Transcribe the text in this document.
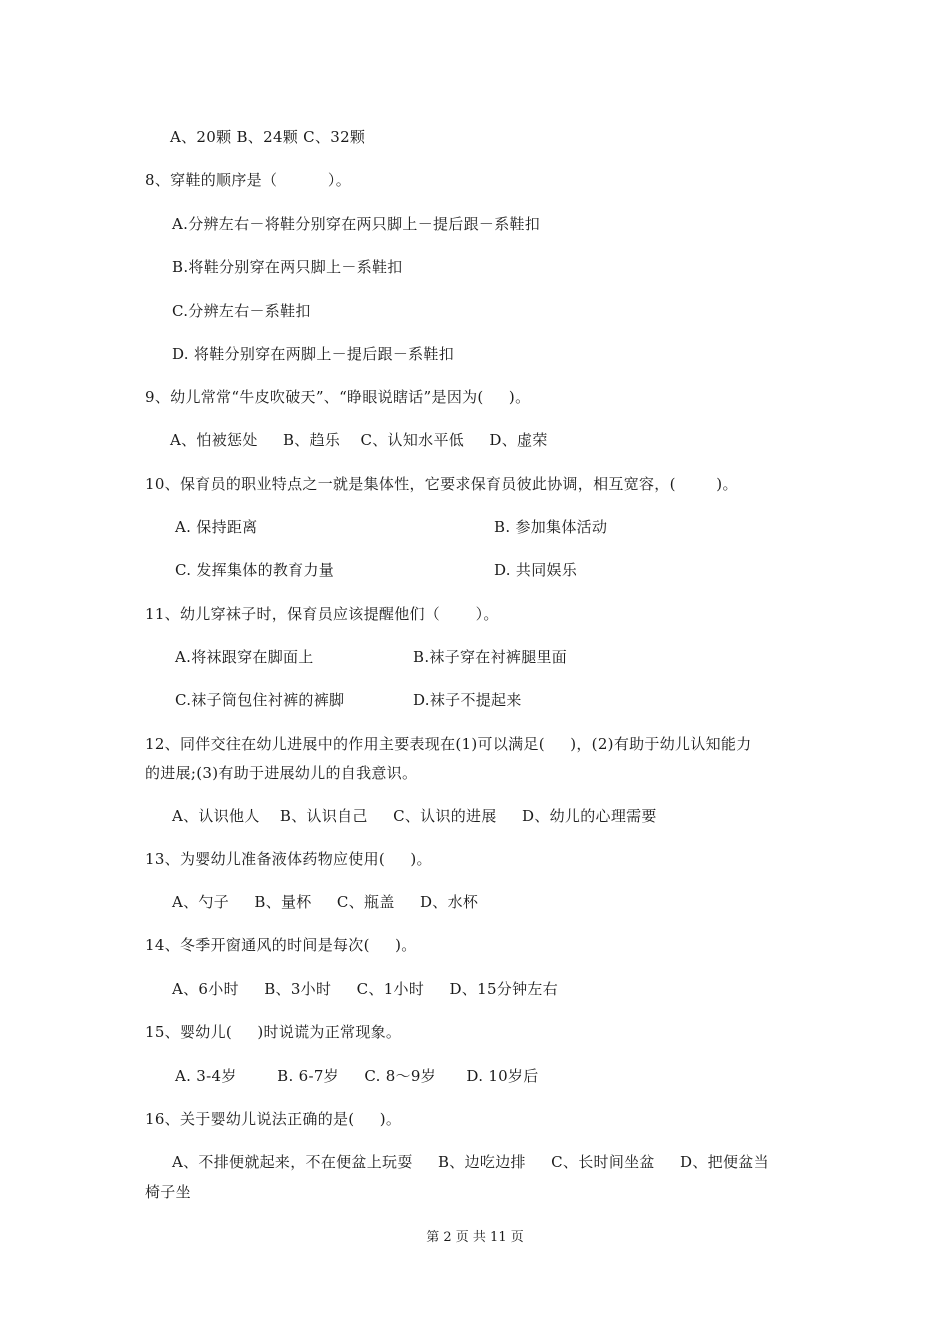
A、20颗 B、24颗 C、32颗
8、穿鞋的顺序是（          ）。
A.分辨左右－将鞋分别穿在两只脚上－提后跟－系鞋扣
B.将鞋分别穿在两只脚上－系鞋扣
C.分辨左右－系鞋扣
D. 将鞋分别穿在两脚上－提后跟－系鞋扣
9、幼儿常常“牛皮吹破天”、“睁眼说瞎话”是因为(     )。
A、怕被惩处     B、趋乐    C、认知水平低     D、虚荣
10、保育员的职业特点之一就是集体性，它要求保育员彼此协调，相互宽容，(        )。
A. 保持距离	B. 参加集体活动
C. 发挥集体的教育力量	D. 共同娱乐
11、幼儿穿袜子时，保育员应该提醒他们（       ）。
A.将袜跟穿在脚面上	B.袜子穿在衬裤腿里面
C.袜子筒包住衬裤的裤脚	D.袜子不提起来
12、同伴交往在幼儿进展中的作用主要表现在(1)可以满足(     )，(2)有助于幼儿认知能力
的进展;(3)有助于进展幼儿的自我意识。
A、认识他人    B、认识自己     C、认识的进展     D、幼儿的心理需要
13、为婴幼儿准备液体药物应使用(     )。
A、勺子     B、量杯     C、瓶盖     D、水杯
14、冬季开窗通风的时间是每次(     )。
A、6小时     B、3小时     C、1小时     D、15分钟左右
15、婴幼儿(     )时说谎为正常现象。
A. 3-4岁        B. 6-7岁     C. 8～9岁      D. 10岁后
16、关于婴幼儿说法正确的是(     )。
A、不排便就起来，不在便盆上玩耍     B、边吃边排     C、长时间坐盆     D、把便盆当
椅子坐
第 2 页 共 11 页
